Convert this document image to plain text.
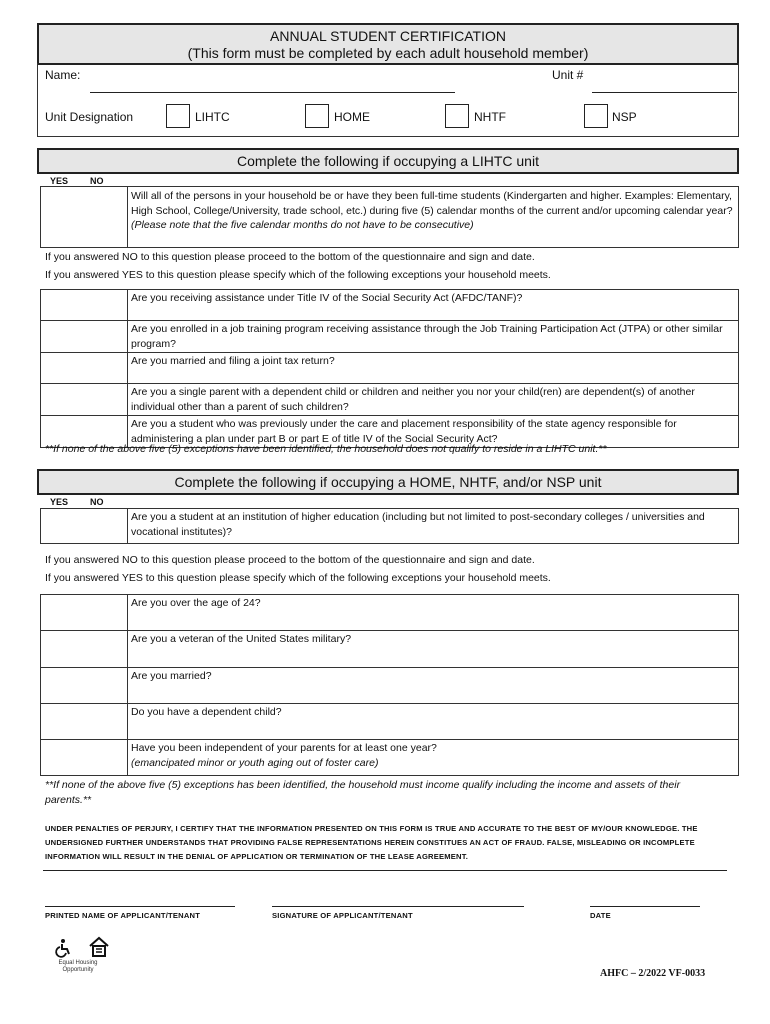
ANNUAL STUDENT CERTIFICATION
(This form must be completed by each adult household member)
Name:	Unit #
Unit Designation	LIHTC	HOME	NHTF	NSP
Complete the following if occupying a LIHTC unit
YES NO

Will all of the persons in your household be or have they been full-time students (Kindergarten and higher. Examples: Elementary, High School, College/University, trade school, etc.) during five (5) calendar months of the current and/or upcoming calendar year? (Please note that the five calendar months do not have to be consecutive)
If you answered NO to this question please proceed to the bottom of the questionnaire and sign and date.
If you answered YES to this question please specify which of the following exceptions your household meets.

	Are you receiving assistance under Title IV of the Social Security Act (AFDC/TANF)?

	Are you enrolled in a job training program receiving assistance through the Job Training Participation Act (JTPA) or other similar program?

	Are you married and filing a joint tax return?

	Are you a single parent with a dependent child or children and neither you nor your child(ren) are dependent(s) of another individual other than a parent of such children?

	Are you a student who was previously under the care and placement responsibility of the state agency responsible for administering a plan under part B or part E of title IV of the Social Security Act?
**If none of the above five (5) exceptions have been identified, the household does not qualify to reside in a LIHTC unit.**
Complete the following if occupying a HOME, NHTF, and/or NSP unit
YES NO

Are you a student at an institution of higher education (including but not limited to post-secondary colleges / universities and vocational institutes)?
If you answered NO to this question please proceed to the bottom of the questionnaire and sign and date.
If you answered YES to this question please specify which of the following exceptions your household meets.

	Are you over the age of 24?

	Are you a veteran of the United States military?

	Are you married?

	Do you have a dependent child?

	Have you been independent of your parents for at least one year?
(emancipated minor or youth aging out of foster care)
**If none of the above five (5) exceptions has been identified, the household must income qualify including the income and assets of their parents.**
UNDER PENALTIES OF PERJURY, I CERTIFY THAT THE INFORMATION PRESENTED ON THIS FORM IS TRUE AND ACCURATE TO THE BEST OF MY/OUR KNOWLEDGE. THE UNDERSIGNED FURTHER UNDERSTANDS THAT PROVIDING FALSE REPRESENTATIONS HEREIN CONSTITUES AN ACT OF FRAUD. FALSE, MISLEADING OR INCOMPLETE INFORMATION WILL RESULT IN THE DENIAL OF APPLICATION OR TERMINATION OF THE LEASE AGREEMENT.
PRINTED NAME OF APPLICANT/TENANT	SIGNATURE OF APPLICANT/TENANT	DATE
Equal Housing Opportunity	AHFC – 2/2022 VF-0033
